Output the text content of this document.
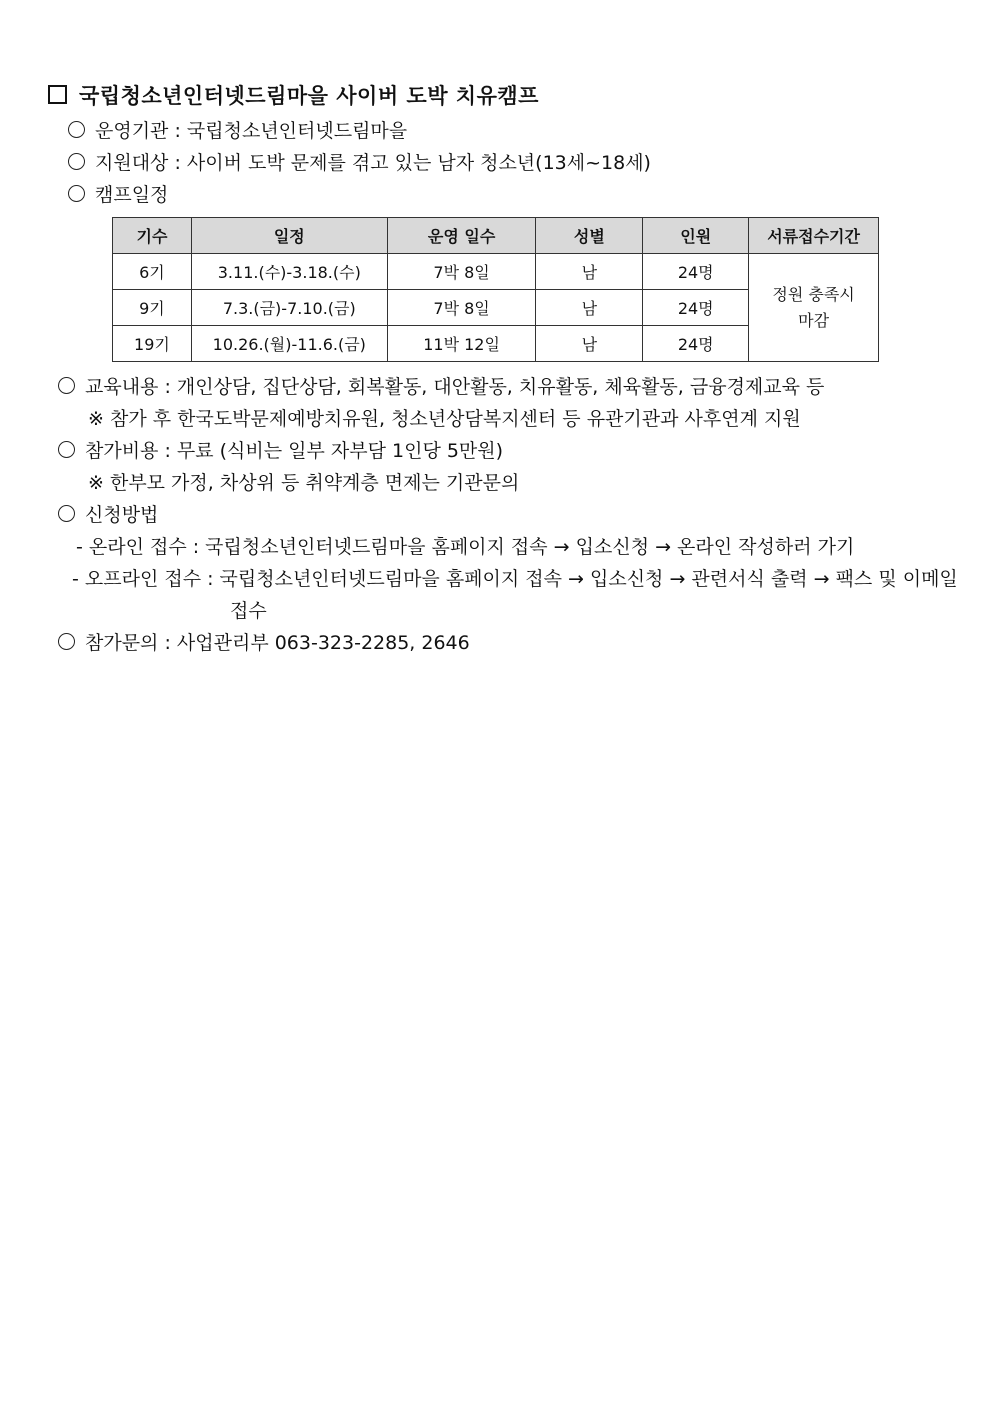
국립청소년인터넷드림마을 사이버 도박 치유캠프
운영기관 : 국립청소년인터넷드림마을
지원대상 : 사이버 도박 문제를 겪고 있는 남자 청소년(13세~18세)
캠프일정
기수	일정	운영 일수	성별	인원	서류접수기간
6기	3.11.(수)-3.18.(수)	7박 8일	남	24명	정원 충족시
마감

9기	7.3.(금)-7.10.(금)	7박 8일	남	24명	
19기	10.26.(월)-11.6.(금)	11박 12일	남	24명	
교육내용 : 개인상담, 집단상담, 회복활동, 대안활동, 치유활동, 체육활동, 금융경제교육 등
※ 참가 후 한국도박문제예방치유원, 청소년상담복지센터 등 유관기관과 사후연계 지원
참가비용 : 무료 (식비는 일부 자부담 1인당 5만원)
※ 한부모 가정, 차상위 등 취약계층 면제는 기관문의
신청방법
- 온라인 접수 : 국립청소년인터넷드림마을 홈페이지 접속 → 입소신청 → 온라인 작성하러 가기
- 오프라인 접수 : 국립청소년인터넷드림마을 홈페이지 접속 → 입소신청 → 관련서식 출력 → 팩스 및 이메일
접수
참가문의 : 사업관리부 063-323-2285, 2646
